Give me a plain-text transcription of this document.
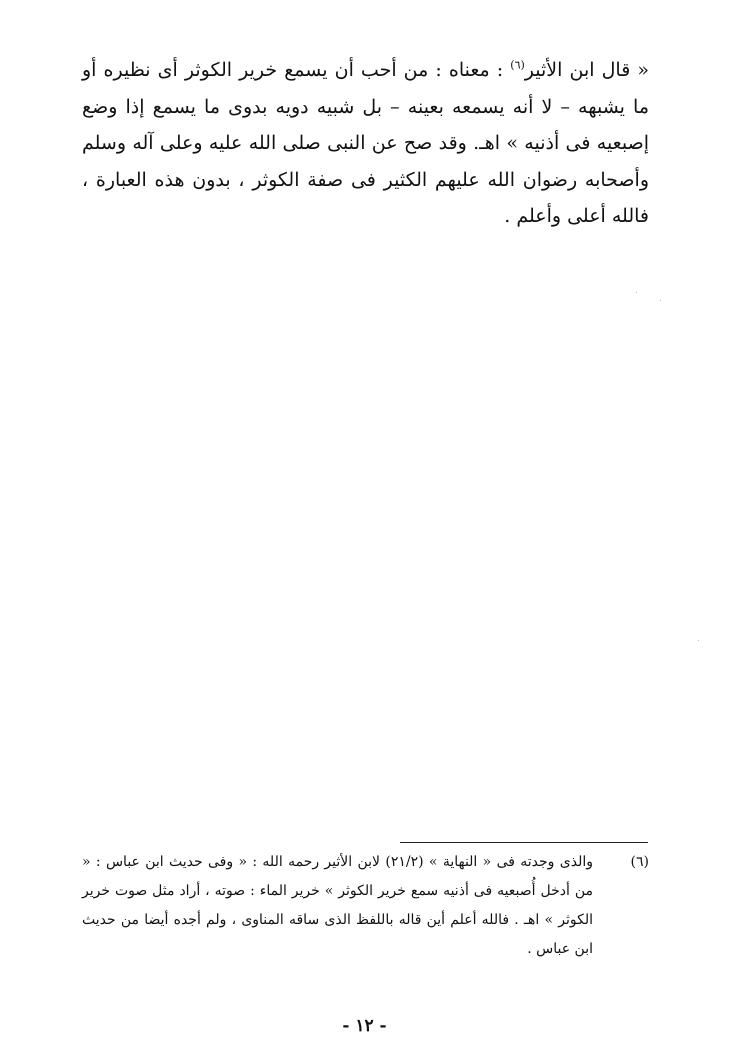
« قال ابن الأثير$^{(٦)}$ : معناه : من أحب أن يسمع خرير الكوثر أى نظيره أو ما يشبهه – لا أنه يسمعه بعينه – بل شبيه دويه بدوى ما يسمع إذا وضع إصبعيه فى أذنيه » اهـ. وقد صح عن النبى صلى الله عليه وعلى آله وسلم وأصحابه رضوان الله عليهم الكثير فى صفة الكوثر ، بدون هذه العبارة ، فالله أعلى وأعلم .

(٦)
والذى وجدته فى « النهاية » (٢١/٢) لابن الأثير رحمه الله : « وفى حديث ابن عباس : « من أدخل أُصبعيه فى أذنيه سمع خرير الكوثر » خرير الماء : صوته ، أراد مثل صوت خرير الكوثر » اهـ . فالله أعلم أين قاله باللفظ الذى ساقه المناوى ، ولم أجده أيضا من حديث ابن عباس .
- ١٢ -
